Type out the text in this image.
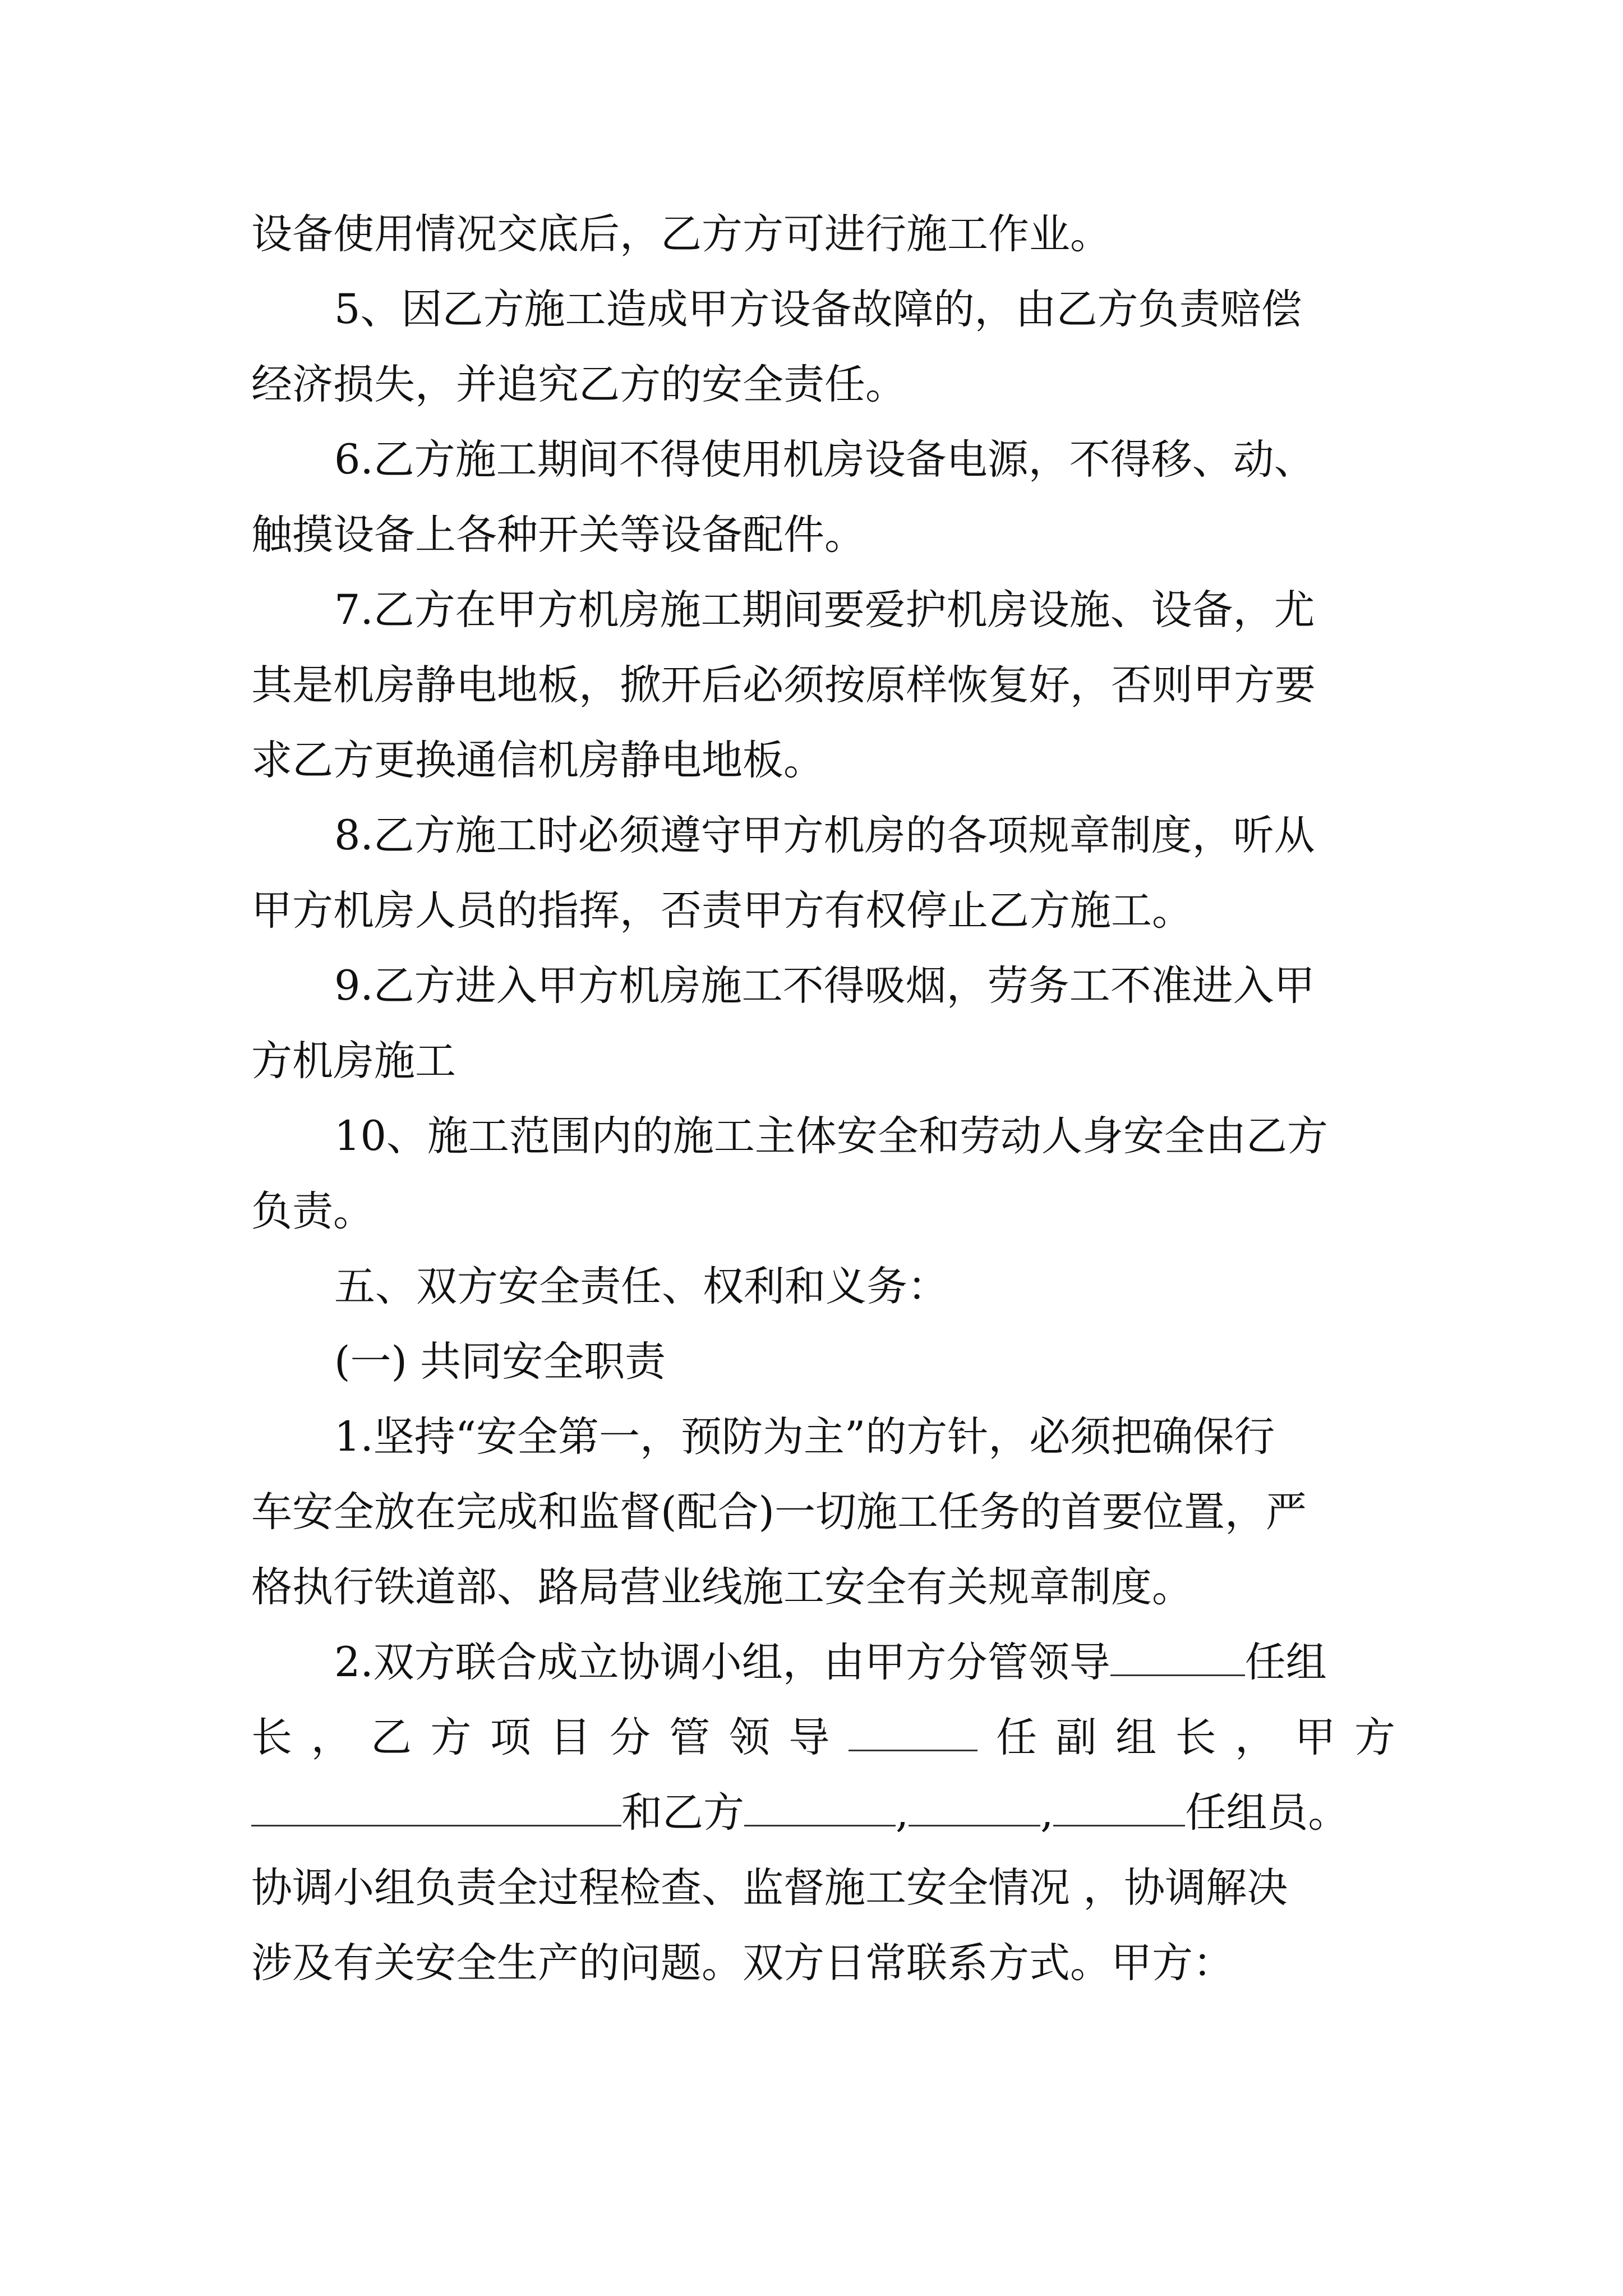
设备使用情况交底后，乙方方可进行施工作业。
5、因乙方施工造成甲方设备故障的，由乙方负责赔偿
经济损失，并追究乙方的安全责任。
6.乙方施工期间不得使用机房设备电源，不得移、动、
触摸设备上各种开关等设备配件。
7.乙方在甲方机房施工期间要爱护机房设施、设备，尤
其是机房静电地板，掀开后必须按原样恢复好，否则甲方要
求乙方更换通信机房静电地板。
8.乙方施工时必须遵守甲方机房的各项规章制度，听从
甲方机房人员的指挥，否责甲方有权停止乙方施工。
9.乙方进入甲方机房施工不得吸烟，劳务工不准进入甲
方机房施工
10、施工范围内的施工主体安全和劳动人身安全由乙方
负责。
五、双方安全责任、权利和义务：
(一) 共同安全职责
1.坚持“安全第一，预防为主”的方针，必须把确保行
车安全放在完成和监督(配合)一切施工任务的首要位置，严
格执行铁道部、路局营业线施工安全有关规章制度。
2.双方联合成立协调小组，由甲方分管领导	任组
长 ， 乙 方 项 目 分 管 领 导	任 副 组 长 ， 甲 方
和乙方	,	,	任组员。
协调小组负责全过程检查、监督施工安全情况 ，协调解决
涉及有关安全生产的问题。双方日常联系方式。甲方：
